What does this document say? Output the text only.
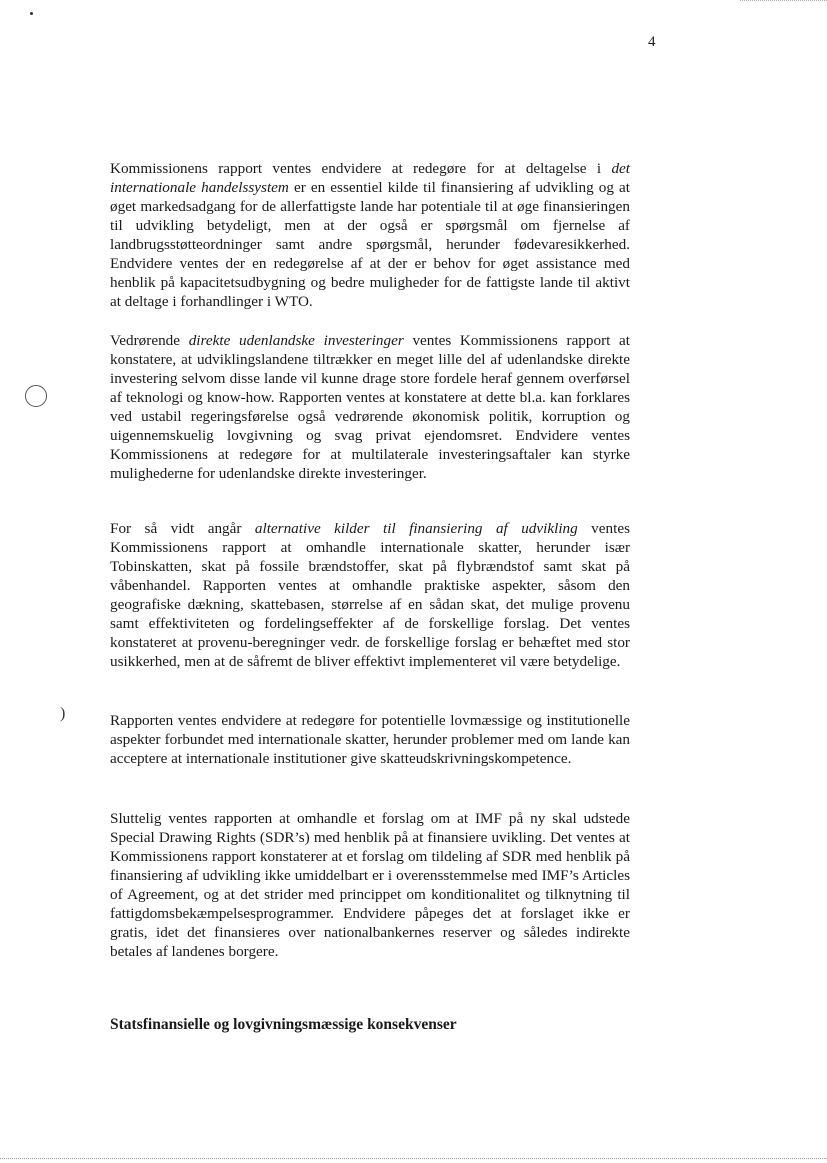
4
)

Kommissionens rapport ventes endvidere at redegøre for at deltagelse i det internationale handelssystem er en essentiel kilde til finansiering af udvikling og at øget markedsadgang for de allerfattigste lande har potentiale til at øge finansieringen til udvikling betydeligt, men at der også er spørgsmål om fjernelse af landbrugsstøtteordninger samt andre spørgsmål, herunder fødevaresikkerhed. Endvidere ventes der en redegørelse af at der er behov for øget assistance med henblik på kapacitetsudbygning og bedre muligheder for de fattigste lande til aktivt at deltage i forhandlinger i WTO.

Vedrørende direkte udenlandske investeringer ventes Kommissionens rapport at konstatere, at udviklingslandene tiltrækker en meget lille del af udenlandske direkte investering selvom disse lande vil kunne drage store fordele heraf gennem overførsel af teknologi og know-how. Rapporten ventes at konstatere at dette bl.a. kan forklares ved ustabil regeringsførelse også vedrørende økonomisk politik, korruption og uigennemskuelig lovgivning og svag privat ejendomsret. Endvidere ventes Kommissionens at redegøre for at multilaterale investeringsaftaler kan styrke mulighederne for udenlandske direkte investeringer.

For så vidt angår alternative kilder til finansiering af udvikling ventes Kommissionens rapport at omhandle internationale skatter, herunder især Tobinskatten, skat på fossile brændstoffer, skat på flybrændstof samt skat på våbenhandel. Rapporten ventes at omhandle praktiske aspekter, såsom den geografiske dækning, skattebasen, størrelse af en sådan skat, det mulige provenu samt effektiviteten og fordelingseffekter af de forskellige forslag. Det ventes konstateret at provenu-beregninger vedr. de forskellige forslag er behæftet med stor usikkerhed, men at de såfremt de bliver effektivt implementeret vil være betydelige.

Rapporten ventes endvidere at redegøre for potentielle lovmæssige og institutionelle aspekter forbundet med internationale skatter, herunder problemer med om lande kan acceptere at internationale institutioner give skatteudskrivningskompetence.

Sluttelig ventes rapporten at omhandle et forslag om at IMF på ny skal udstede Special Drawing Rights (SDR’s) med henblik på at finansiere uvikling. Det ventes at Kommissionens rapport konstaterer at et forslag om tildeling af SDR med henblik på finansiering af udvikling ikke umiddelbart er i overensstemmelse med IMF’s Articles of Agreement, og at det strider med princippet om konditionalitet og tilknytning til fattigdomsbekæmpelsesprogrammer. Endvidere påpeges det at forslaget ikke er gratis, idet det finansieres over nationalbankernes reserver og således indirekte betales af landenes borgere.

Statsfinansielle og lovgivningsmæssige konsekvenser
